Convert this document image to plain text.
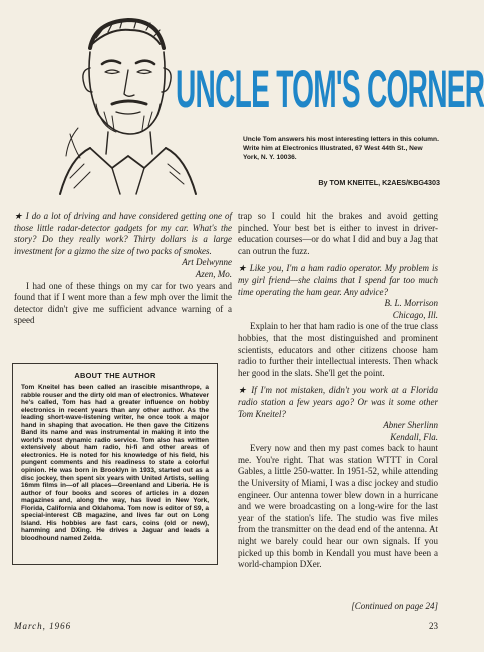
UNCLE TOM'S CORNER
Uncle Tom answers his most interesting letters in this column. Write him at Electronics Illustrated, 67 West 44th St., New York, N. Y. 10036.
By TOM KNEITEL, K2AES/KBG4303

★ I do a lot of driving and have considered getting one of those little radar-detector gadgets for my car. What's the story? Do they really work? Thirty dollars is a large investment for a gizmo the size of two packs of smokes.

Art Delwynne

Azen, Mo.

I had one of these things on my car for two years and found that if I went more than a few mph over the limit the detector didn't give me sufficient advance warning of a speed

ABOUT THE AUTHOR
Tom Kneitel has been called an irascible misanthrope, a rabble rouser and the dirty old man of electronics. Whatever he's called, Tom has had a greater influence on hobby electronics in recent years than any other author. As the leading short-wave-listening writer, he once took a major hand in shaping that avocation. He then gave the Citizens Band its name and was instrumental in making it into the world's most dynamic radio service. Tom also has written extensively about ham radio, hi-fi and other areas of electronics. He is noted for his knowledge of his field, his pungent comments and his readiness to state a colorful opinion. He was born in Brooklyn in 1933, started out as a disc jockey, then spent six years with United Artists, selling 16mm films in—of all places—Greenland and Liberia. He is author of four books and scores of articles in a dozen magazines and, along the way, has lived in New York, Florida, California and Oklahoma. Tom now is editor of S9, a special-interest CB magazine, and lives far out on Long Island. His hobbies are fast cars, coins (old or new), hamming and DXing. He drives a Jaguar and leads a bloodhound named Zelda.

trap so I could hit the brakes and avoid getting pinched. Your best bet is either to invest in driver-education courses—or do what I did and buy a Jag that can outrun the fuzz.

★ Like you, I'm a ham radio operator. My problem is my girl friend—she claims that I spend far too much time operating the ham gear. Any advice?

B. L. Morrison

Chicago, Ill.

Explain to her that ham radio is one of the true class hobbies, that the most distinguished and prominent scientists, educators and other citizens choose ham radio to further their intellectual interests. Then whack her good in the slats. She'll get the point.

★ If I'm not mistaken, didn't you work at a Florida radio station a few years ago? Or was it some other Tom Kneitel?

Abner Sherlinn

Kendall, Fla.

Every now and then my past comes back to haunt me. You're right. That was station WTTT in Coral Gables, a little 250-watter. In 1951-52, while attending the University of Miami, I was a disc jockey and studio engineer. Our antenna tower blew down in a hurricane and we were broadcasting on a long-wire for the last year of the station's life. The studio was five miles from the transmitter on the dead end of the antenna. At night we barely could hear our own signals. If you picked up this bomb in Kendall you must have been a world-champion DXer.

[Continued on page 24]
March, 1966	23
